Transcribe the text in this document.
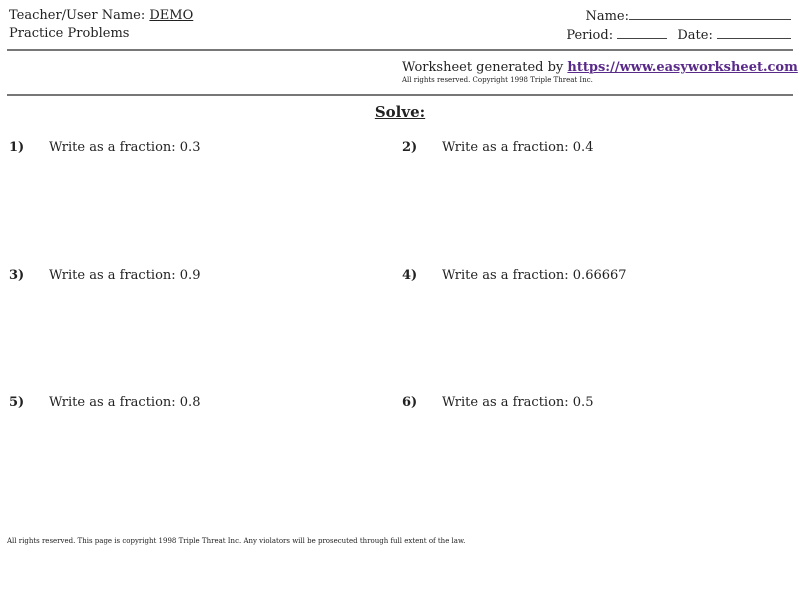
Teacher/User Name: DEMO
Practice Problems
Name:
Period:	Date:
Worksheet generated by https://www.easyworksheet.com
All rights reserved. Copyright 1998 Triple Threat Inc.
Solve:
1) Write as a fraction: 0.3	2) Write as a fraction: 0.4
3) Write as a fraction: 0.9	4) Write as a fraction: 0.66667
5) Write as a fraction: 0.8	6) Write as a fraction: 0.5
All rights reserved. This page is copyright 1998 Triple Threat Inc. Any violators will be prosecuted through full extent of the law.
